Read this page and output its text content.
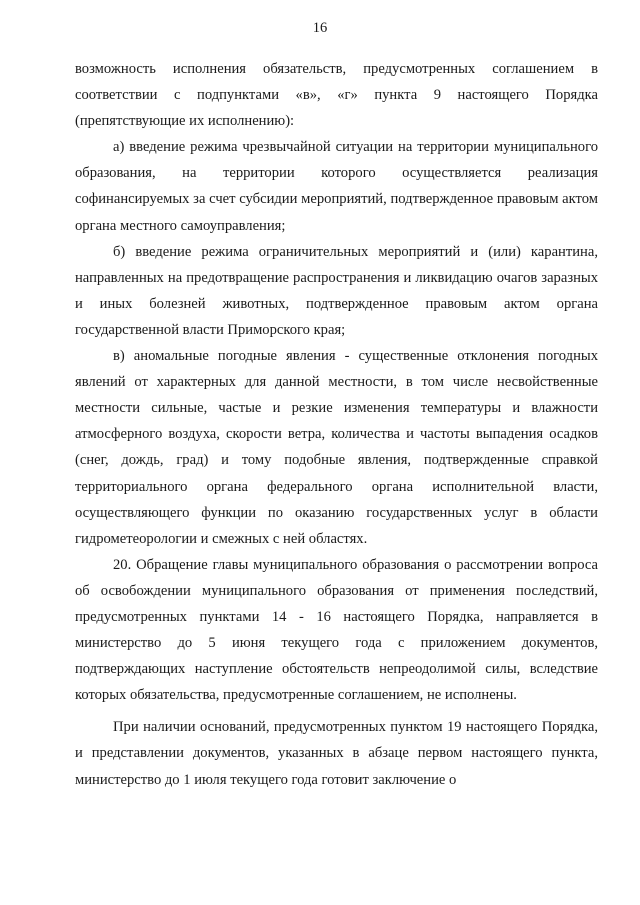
16

возможность исполнения обязательств, предусмотренных соглашением в соответствии с подпунктами «в», «г» пункта 9 настоящего Порядка (препятствующие их исполнению):

а) введение режима чрезвычайной ситуации на территории муниципального образования, на территории которого осуществляется реализация софинансируемых за счет субсидии мероприятий, подтвержденное правовым актом органа местного самоуправления;

б) введение режима ограничительных мероприятий и (или) карантина, направленных на предотвращение распространения и ликвидацию очагов заразных и иных болезней животных, подтвержденное правовым актом органа государственной власти Приморского края;

в) аномальные погодные явления - существенные отклонения погодных явлений от характерных для данной местности, в том числе несвойственные местности сильные, частые и резкие изменения температуры и влажности атмосферного воздуха, скорости ветра, количества и частоты выпадения осадков (снег, дождь, град) и тому подобные явления, подтвержденные справкой территориального органа федерального органа исполнительной власти, осуществляющего функции по оказанию государственных услуг в области гидрометеорологии и смежных с ней областях.

20. Обращение главы муниципального образования о рассмотрении вопроса об освобождении муниципального образования от применения последствий, предусмотренных пунктами 14 - 16 настоящего Порядка, направляется в министерство до 5 июня текущего года с приложением документов, подтверждающих наступление обстоятельств непреодолимой силы, вследствие которых обязательства, предусмотренные соглашением, не исполнены.

При наличии оснований, предусмотренных пунктом 19 настоящего Порядка, и представлении документов, указанных в абзаце первом настоящего пункта, министерство до 1 июля текущего года готовит заключение о
